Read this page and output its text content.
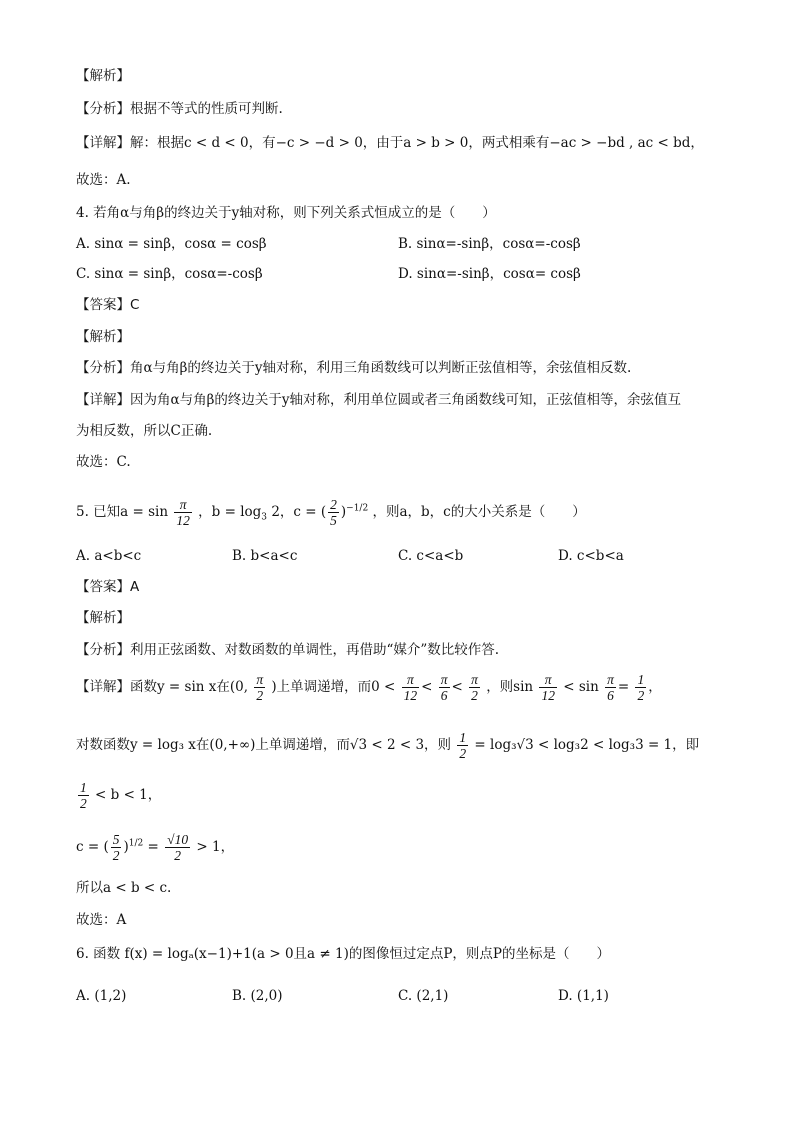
【解析】
【分析】根据不等式的性质可判断.
【详解】解：根据c < d < 0，有−c > −d > 0，由于a > b > 0，两式相乘有−ac > −bd , ac < bd，
故选：A.
4. 若角α与角β的终边关于y轴对称，则下列关系式恒成立的是（　　）
A. sinα = sinβ，cosα = cosβ	B. sinα=-sinβ，cosα=-cosβ
C. sinα = sinβ，cosα=-cosβ	D. sinα=-sinβ，cosα= cosβ
【答案】C
【解析】
【分析】角α与角β的终边关于y轴对称，利用三角函数线可以判断正弦值相等，余弦值相反数.
【详解】因为角α与角β的终边关于y轴对称，利用单位圆或者三角函数线可知，正弦值相等，余弦值互
为相反数，所以C正确.
故选：C.
5. 已知$a = \sin \frac{\pi}{12}$ ，$b = \log_3 2$，c = ( $\frac{2}{5} )^{-1/2}$ ，则a，b，c的大小关系是（　　）
A. a<b<c	B. b<a<c	C. c<a<b	D. c<b<a
【答案】A
【解析】
【分析】利用正弦函数、对数函数的单调性，再借助“媒介”数比较作答.
【详解】函数y = sin x在(0, $\frac{\pi}{2}$ )上单调递增，而$0 < \frac{\pi}{12} < \frac{\pi}{6} < \frac{\pi}{2}$ ，则$\sin \frac{\pi}{12} < \sin \frac{\pi}{6} = \frac{1}{2}$ ，
对数函数y = log₃ x在(0,+∞)上单调递增，而√3 < 2 < 3，则 $\frac{1}{2} = \log_3√3 < \log_32 < \log_33 = 1$，即
$\frac{1}{2} < b < 1$，
c = ( $\frac{5}{2} )^{1/2} = \frac{√10}{2} > 1$，
所以a < b < c.
故选：A
6. 函数 f(x) = logₐ(x−1)+1(a > 0且a ≠ 1)的图像恒过定点P，则点P的坐标是（　　）
A. (1,2)	B. (2,0)	C. (2,1)	D. (1,1)
